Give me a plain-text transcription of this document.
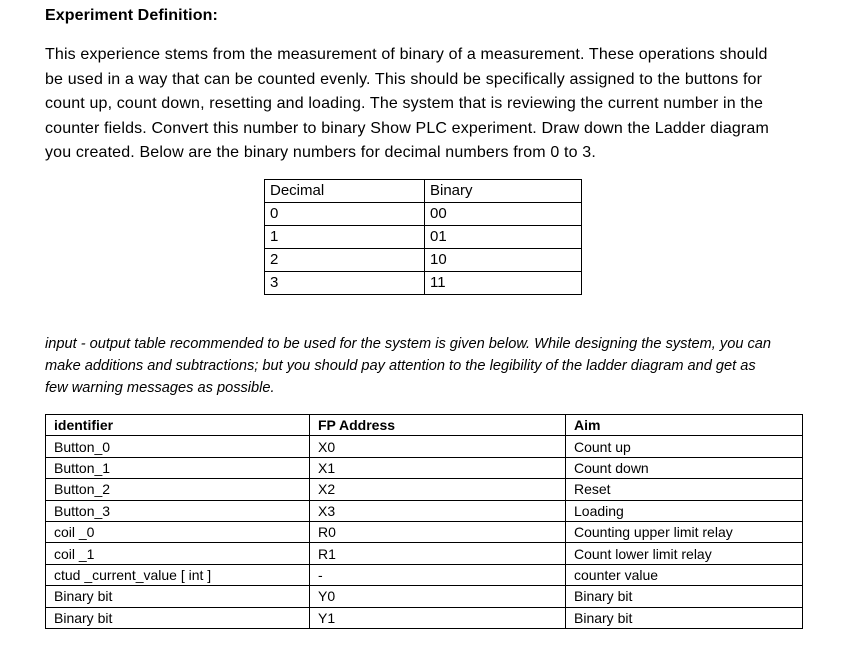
Experiment Definition:
This experience stems from the measurement of binary of a measurement. These operations should
be used in a way that can be counted evenly. This should be specifically assigned to the buttons for
count up, count down, resetting and loading. The system that is reviewing the current number in the
counter fields. Convert this number to binary Show PLC experiment. Draw down the Ladder diagram
you created. Below are the binary numbers for decimal numbers from 0 to 3.
Decimal	Binary
0	00
1	01
2	10
3	11
input - output table recommended to be used for the system is given below. While designing the system, you can
make additions and subtractions; but you should pay attention to the legibility of the ladder diagram and get as
few warning messages as possible.
identifier	FP Address	Aim
Button_0	X0	Count up
Button_1	X1	Count down
Button_2	X2	Reset
Button_3	X3	Loading
coil _0	R0	Counting upper limit relay
coil _1	R1	Count lower limit relay
ctud _current_value [ int ]	-	counter value
Binary bit	Y0	Binary bit
Binary bit	Y1	Binary bit
